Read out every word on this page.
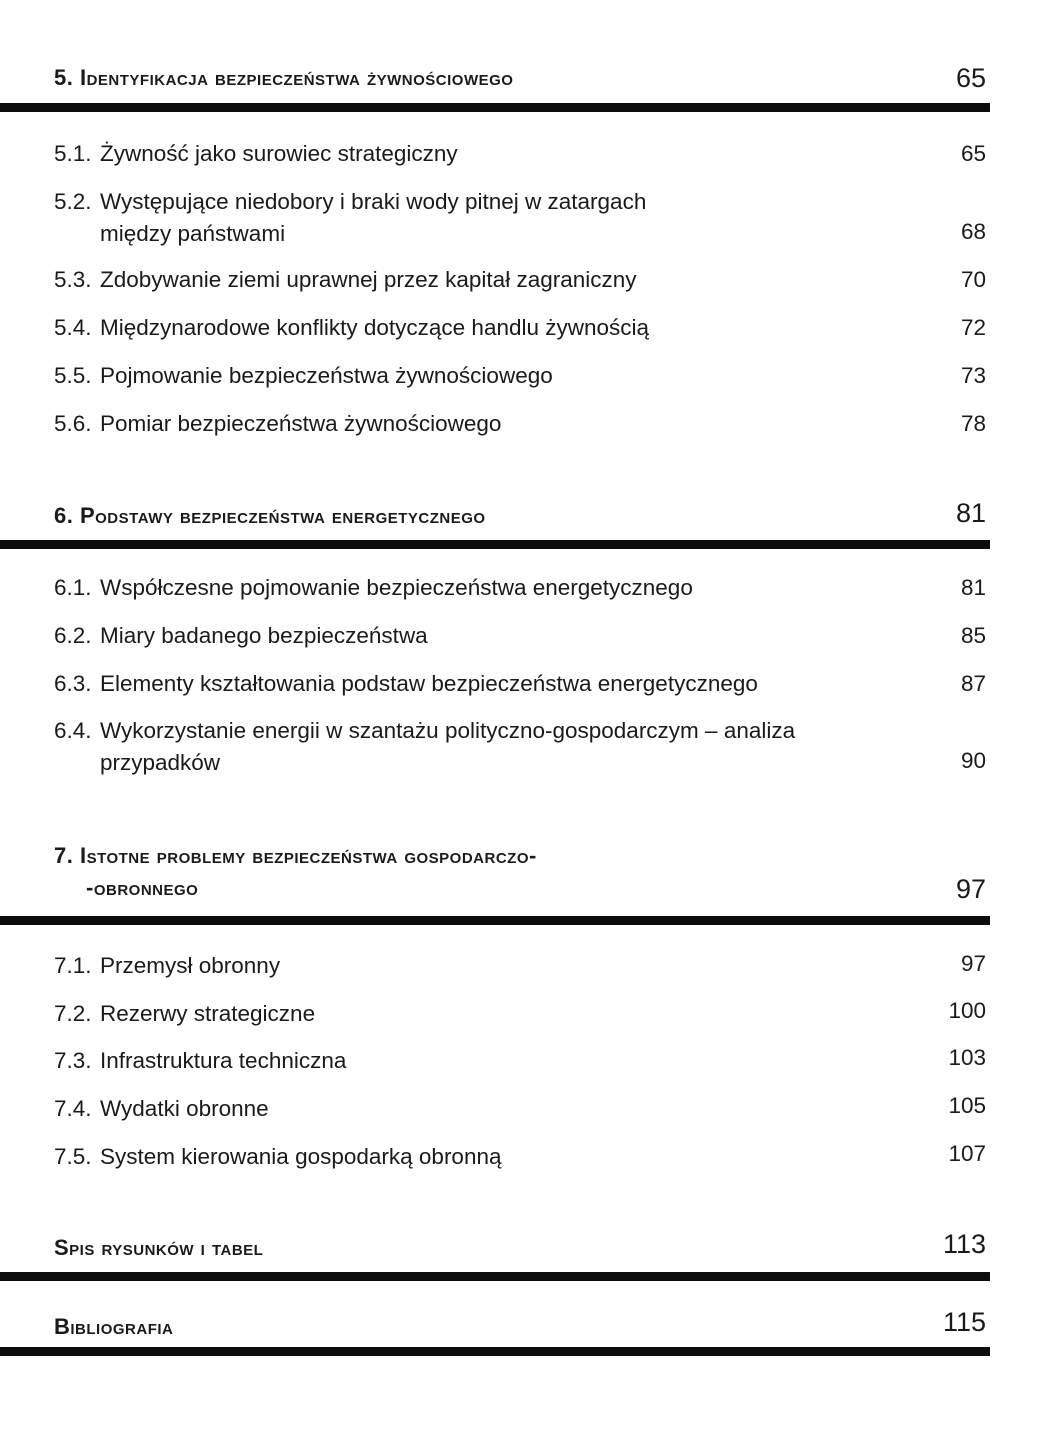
5. Identyfikacja bezpieczeństwa żywnościowego	65
5.1. Żywność jako surowiec strategiczny	65
5.2. Występujące niedobory i braki wody pitnej w zatargach
między państwami	68
5.3. Zdobywanie ziemi uprawnej przez kapitał zagraniczny	70
5.4. Międzynarodowe konflikty dotyczące handlu żywnością	72
5.5. Pojmowanie bezpieczeństwa żywnościowego	73
5.6. Pomiar bezpieczeństwa żywnościowego	78
6. Podstawy bezpieczeństwa energetycznego	81
6.1. Współczesne pojmowanie bezpieczeństwa energetycznego	81
6.2. Miary badanego bezpieczeństwa	85
6.3. Elementy kształtowania podstaw bezpieczeństwa energetycznego	87
6.4. Wykorzystanie energii w szantażu polityczno-gospodarczym – analiza
przypadków	90
7. Istotne problemy bezpieczeństwa gospodarczo-
-obronnego	97
7.1. Przemysł obronny	97
7.2. Rezerwy strategiczne	100
7.3. Infrastruktura techniczna	103
7.4. Wydatki obronne	105
7.5. System kierowania gospodarką obronną	107
Spis rysunków i tabel	113
Bibliografia	115
